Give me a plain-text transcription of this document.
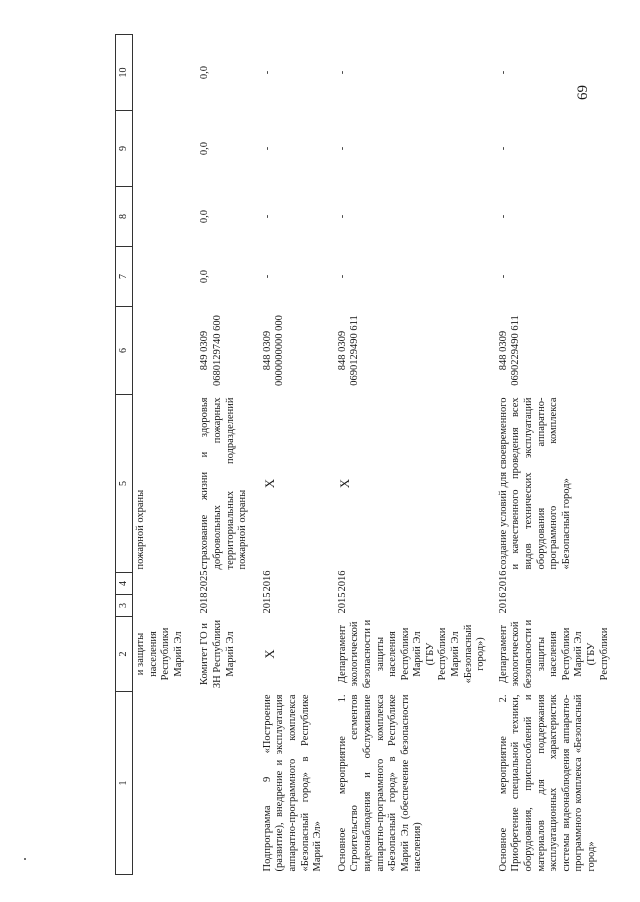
69
1	2	3	4	5	6	7	8	9	10
	и защиты населения Республики Марий Эл			пожарной охраны					
	Комитет ГО и ЗН Республики Марий Эл	2018	2025	страхование жизни и здоровья добровольных пожарных территориальных подразделений пожарной охраны	849 0309 0680129740 600	0,0	0,0	0,0	0,0
Подпрограмма 9 «Построение (развитие), внедрение и эксплуатация аппаратно-программного комплекса «Безопасный город» в Республике Марий Эл»	X	2015	2016	X	848 0309 0000000000 000	-	-	-	-
Основное мероприятие 1. Строительство сегментов видеонаблюдения и обслуживание аппаратно-программного комплекса «Безопасный город» в Республике Марий Эл (обеспечение безопасности населения)	Департамент экологической безопасности и защиты населения Республики Марий Эл (ГБУ Республики Марий Эл «Безопасный город»)	2015	2016	X	848 0309 0690129490 611	-	-	-	-
Основное мероприятие 2. Приобретение специальной техники, оборудования, приспособлений и материалов для поддержания эксплуатационных характеристик системы видеонаблюдения аппаратно-программного комплекса «Безопасный город»	Департамент экологической безопасности и защиты населения Республики Марий Эл (ГБУ Республики	2016	2016	создание условий для своевременного и качественного проведения всех видов технических эксплуатаций оборудования аппаратно-программного комплекса «Безопасный город»	848 0309 0690229490 611	-	-	-	-
